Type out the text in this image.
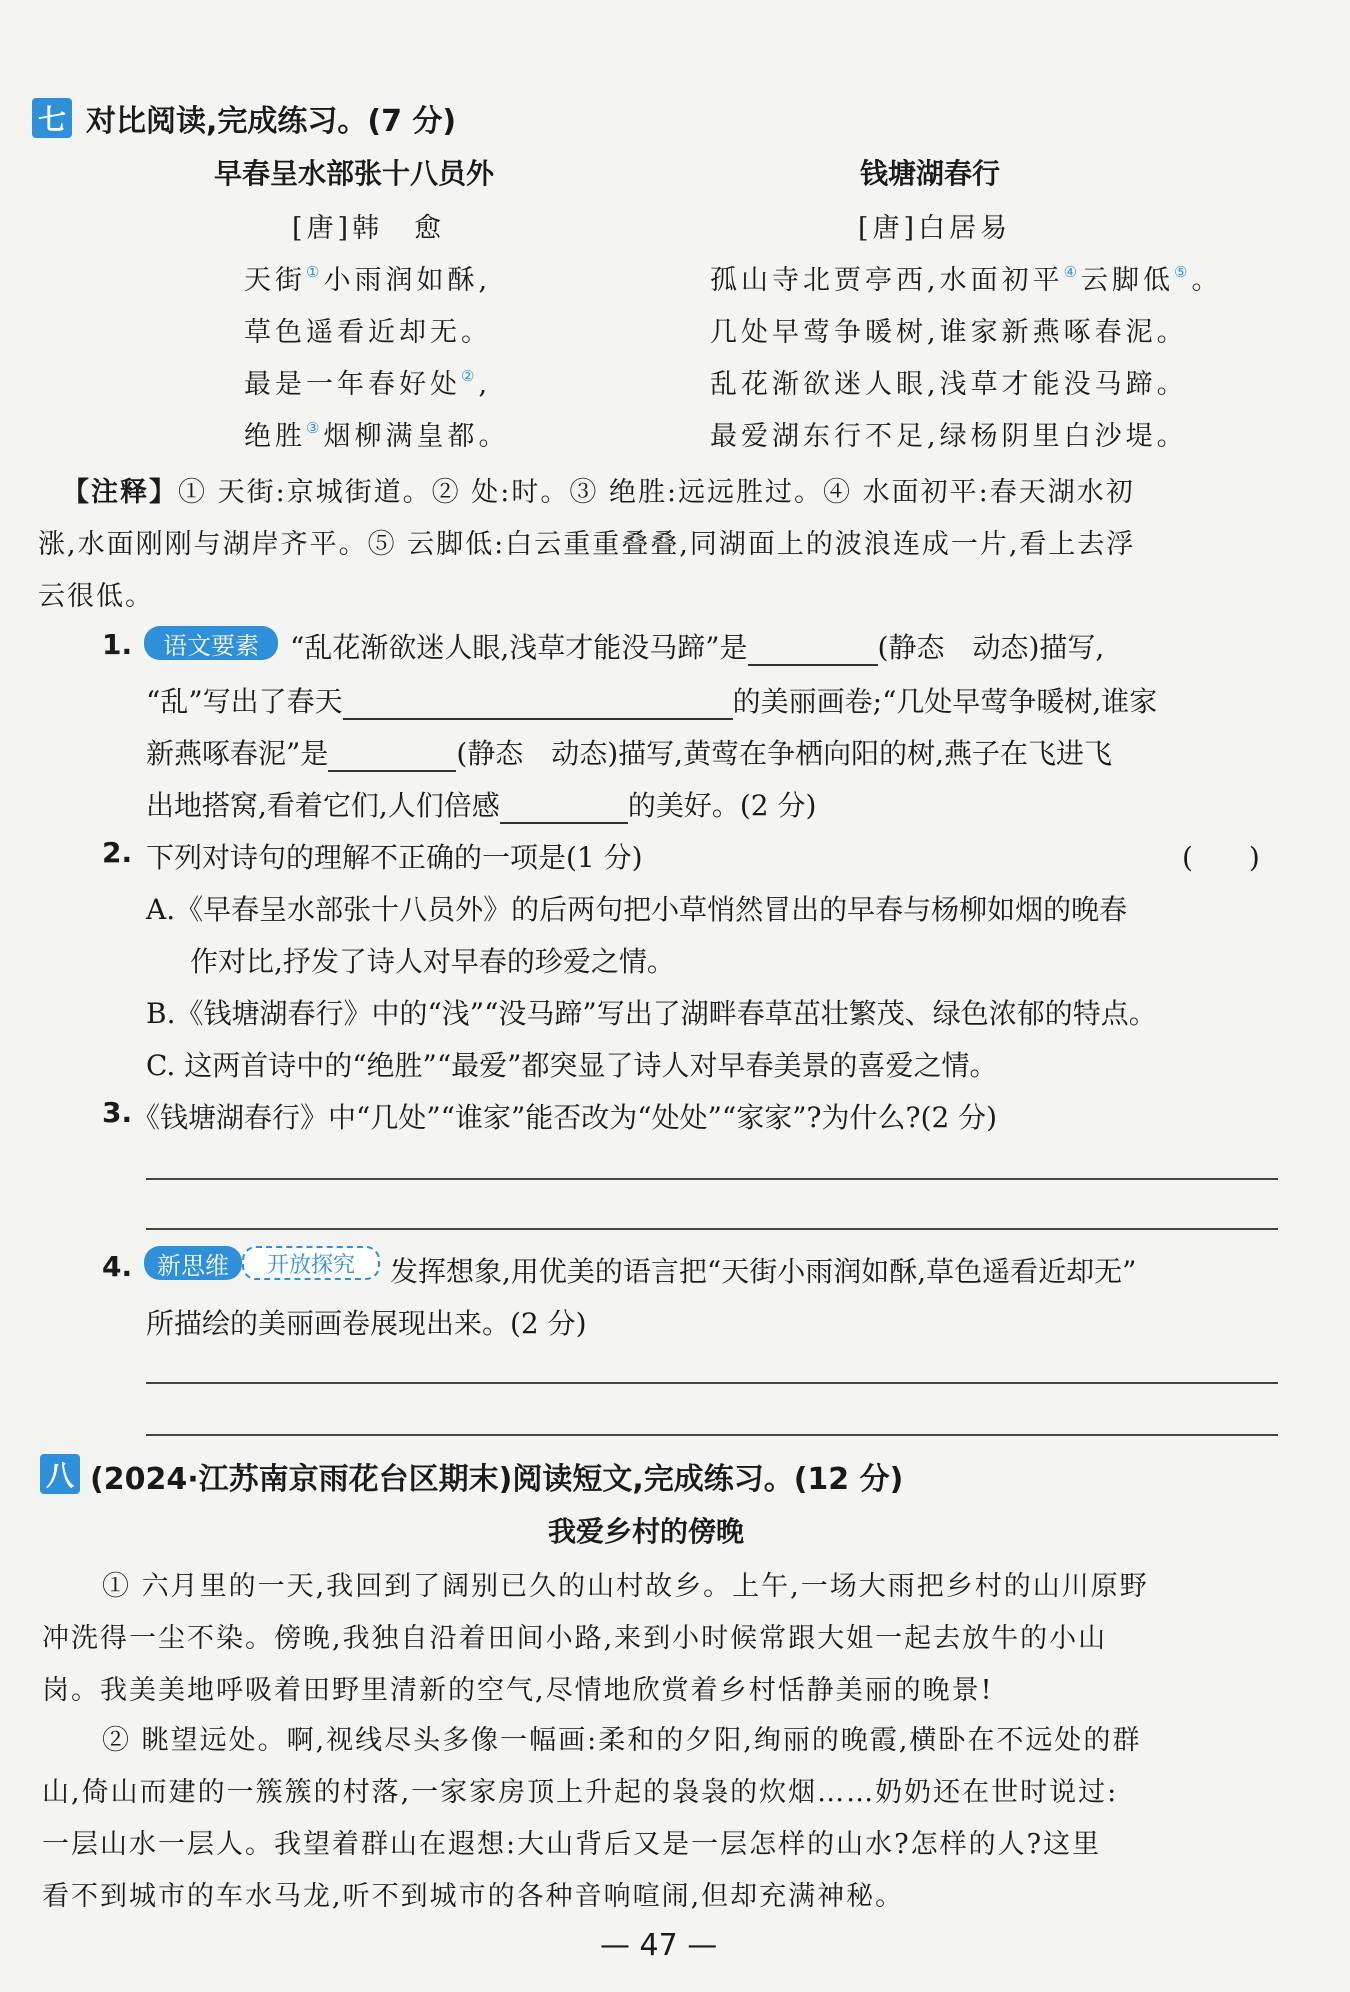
七 对比阅读,完成练习。(7 分)
早春呈水部张十八员外
[唐]韩　愈
天街①小雨润如酥,
草色遥看近却无。
最是一年春好处②,
绝胜③烟柳满皇都。
钱塘湖春行
[唐]白居易
孤山寺北贾亭西,水面初平④云脚低⑤。
几处早莺争暖树,谁家新燕啄春泥。
乱花渐欲迷人眼,浅草才能没马蹄。
最爱湖东行不足,绿杨阴里白沙堤。
【注释】① 天街:京城街道。② 处:时。③ 绝胜:远远胜过。④ 水面初平:春天湖水初
涨,水面刚刚与湖岸齐平。⑤ 云脚低:白云重重叠叠,同湖面上的波浪连成一片,看上去浮
云很低。
1.	语文要素	“乱花渐欲迷人眼,浅草才能没马蹄”是	(静态　动态)描写,
“乱”写出了春天	的美丽画卷;“几处早莺争暖树,谁家
新燕啄春泥”是	(静态　动态)描写,黄莺在争栖向阳的树,燕子在飞进飞
出地搭窝,看着它们,人们倍感	的美好。(2 分)
2. 下列对诗句的理解不正确的一项是(1 分)	(　　)
A.《早春呈水部张十八员外》的后两句把小草悄然冒出的早春与杨柳如烟的晚春
作对比,抒发了诗人对早春的珍爱之情。
B.《钱塘湖春行》中的“浅”“没马蹄”写出了湖畔春草茁壮繁茂、绿色浓郁的特点。
C. 这两首诗中的“绝胜”“最爱”都突显了诗人对早春美景的喜爱之情。
3. 《钱塘湖春行》中“几处”“谁家”能否改为“处处”“家家”?为什么?(2 分)
4.	新思维	开放探究	发挥想象,用优美的语言把“天街小雨润如酥,草色遥看近却无”
所描绘的美丽画卷展现出来。(2 分)
八 (2024·江苏南京雨花台区期末)阅读短文,完成练习。(12 分)
我爱乡村的傍晚
① 六月里的一天,我回到了阔别已久的山村故乡。上午,一场大雨把乡村的山川原野
冲洗得一尘不染。傍晚,我独自沿着田间小路,来到小时候常跟大姐一起去放牛的小山
岗。我美美地呼吸着田野里清新的空气,尽情地欣赏着乡村恬静美丽的晚景!
② 眺望远处。啊,视线尽头多像一幅画:柔和的夕阳,绚丽的晚霞,横卧在不远处的群
山,倚山而建的一簇簇的村落,一家家房顶上升起的袅袅的炊烟……奶奶还在世时说过:
一层山水一层人。我望着群山在遐想:大山背后又是一层怎样的山水?怎样的人?这里
看不到城市的车水马龙,听不到城市的各种音响喧闹,但却充满神秘。
— 47 —
